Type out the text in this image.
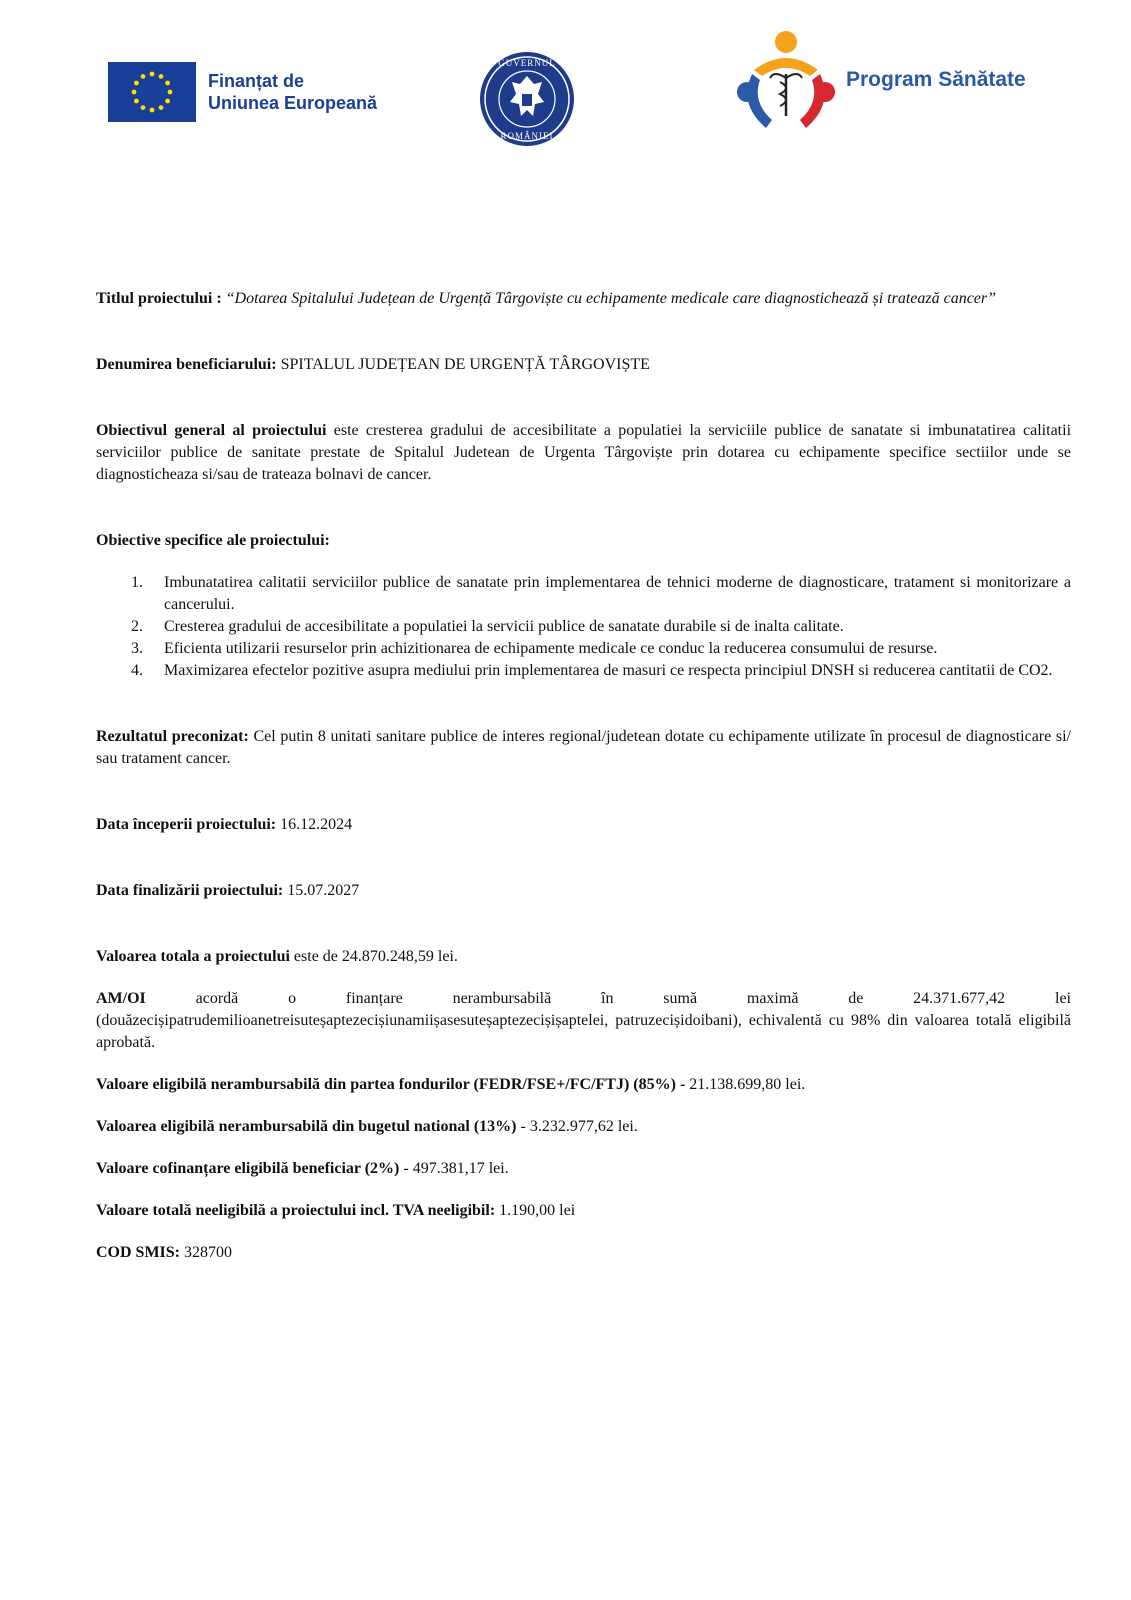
Finanțat de
Uniunea Europeană
GUVERNUL
ROMÂNIEI
Program Sănătate

Titlul proiectului : “Dotarea Spitalului Județean de Urgență Târgoviște cu echipamente medicale care diagnostichează și tratează cancer”

Denumirea beneficiarului: SPITALUL JUDEȚEAN DE URGENȚĂ TÂRGOVIȘTE

Obiectivul general al proiectului este cresterea gradului de accesibilitate a populatiei la serviciile publice de sanatate si imbunatatirea calitatii serviciilor publice de sanitate prestate de Spitalul Judetean de Urgenta Târgoviște prin dotarea cu echipamente specifice sectiilor unde se diagnosticheaza si/sau de trateaza bolnavi de cancer.

Obiective specifice ale proiectului:

1. Imbunatatirea calitatii serviciilor publice de sanatate prin implementarea de tehnici moderne de diagnosticare, tratament si monitorizare a cancerului.
2. Cresterea gradului de accesibilitate a populatiei la servicii publice de sanatate durabile si de inalta calitate.
3. Eficienta utilizarii resurselor prin achizitionarea de echipamente medicale ce conduc la reducerea consumului de resurse.
4. Maximizarea efectelor pozitive asupra mediului prin implementarea de masuri ce respecta principiul DNSH si reducerea cantitatii de CO2.

Rezultatul preconizat: Cel putin 8 unitati sanitare publice de interes regional/judetean dotate cu echipamente utilizate în procesul de diagnosticare si/ sau tratament cancer.

Data începerii proiectului: 16.12.2024

Data finalizării proiectului: 15.07.2027

Valoarea totala a proiectului este de 24.870.248,59 lei.

AM/OI	acordă o finanțare nerambursabilă în sumă maximă de 24.371.677,42 lei (douăzecișipatrudemilioanetreisuteșaptezecișiunamiișasesuteșaptezecișișaptelei, patruzecișidoibani), echivalentă cu 98% din valoarea totală eligibilă aprobată.

Valoare eligibilă nerambursabilă din partea fondurilor (FEDR/FSE+/FC/FTJ) (85%) - 21.138.699,80 lei.

Valoarea eligibilă nerambursabilă din bugetul national (13%) - 3.232.977,62 lei.

Valoare cofinanțare eligibilă beneficiar (2%) - 497.381,17 lei.

Valoare totală neeligibilă a proiectului incl. TVA neeligibil: 1.190,00 lei

COD SMIS: 328700
